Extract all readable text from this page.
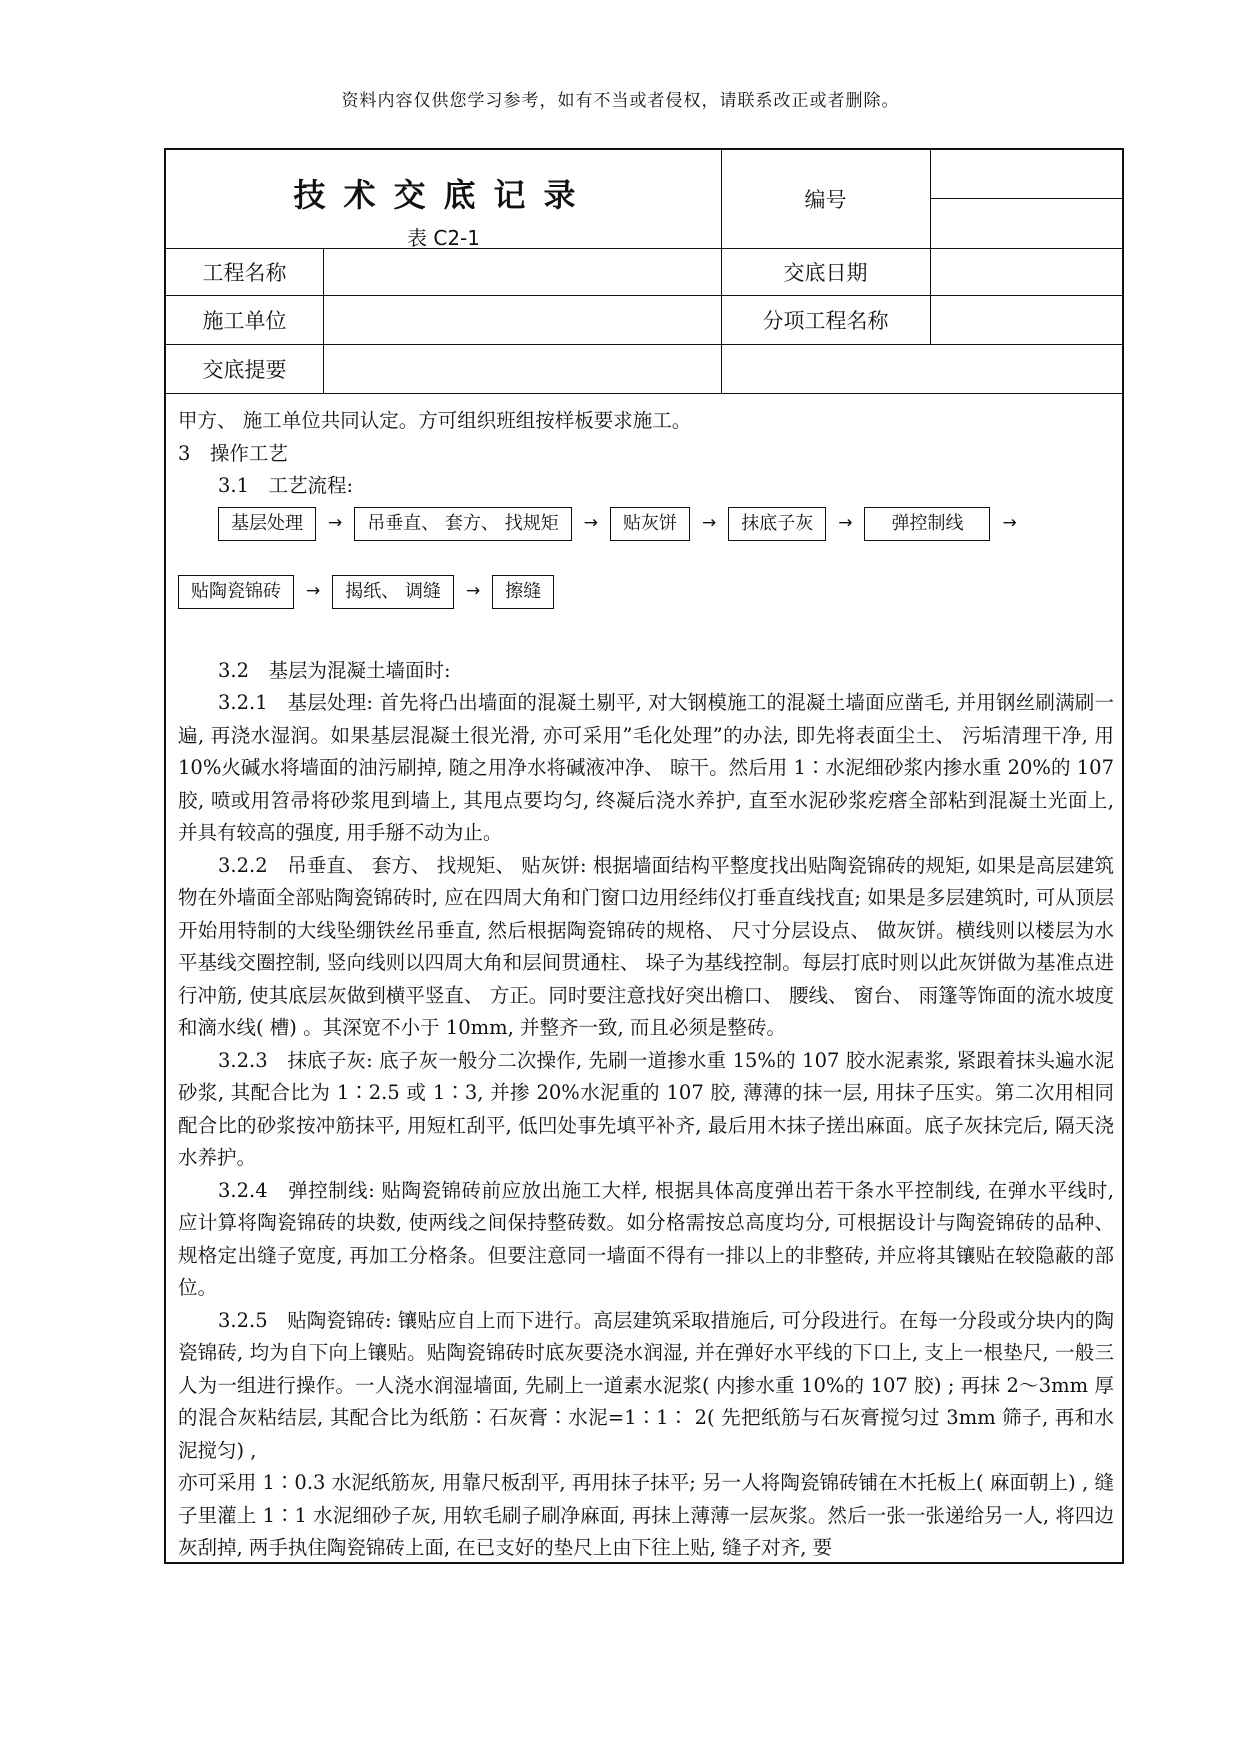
资料内容仅供您学习参考，如有不当或者侵权，请联系改正或者删除。
技术交底记录
表 C2-1
编号
工程名称	交底日期
施工单位	分项工程名称
交底提要

甲方、 施工单位共同认定。方可组织班组按样板要求施工。

3　操作工艺

3.1　工艺流程:

基层处理	→	吊垂直、 套方、 找规矩	→	贴灰饼	→	抹底子灰	→	弹控制线	→
贴陶瓷锦砖	→	揭纸、 调缝	→	擦缝

3.2　基层为混凝土墙面时:

3.2.1　基层处理: 首先将凸出墙面的混凝土剔平, 对大钢模施工的混凝土墙面应凿毛, 并用钢丝刷满刷一遍, 再浇水湿润。如果基层混凝土很光滑, 亦可采用”毛化处理”的办法, 即先将表面尘土、 污垢清理干净, 用 10%火碱水将墙面的油污刷掉, 随之用净水将碱液冲净、 晾干。然后用 1∶水泥细砂浆内掺水重 20%的 107 胶, 喷或用笤帚将砂浆甩到墙上, 其甩点要均匀, 终凝后浇水养护, 直至水泥砂浆疙瘩全部粘到混凝土光面上, 并具有较高的强度, 用手掰不动为止。

3.2.2　吊垂直、 套方、 找规矩、 贴灰饼: 根据墙面结构平整度找出贴陶瓷锦砖的规矩, 如果是高层建筑物在外墙面全部贴陶瓷锦砖时, 应在四周大角和门窗口边用经纬仪打垂直线找直; 如果是多层建筑时, 可从顶层开始用特制的大线坠绷铁丝吊垂直, 然后根据陶瓷锦砖的规格、 尺寸分层设点、 做灰饼。横线则以楼层为水平基线交圈控制, 竖向线则以四周大角和层间贯通柱、 垛子为基线控制。每层打底时则以此灰饼做为基准点进行冲筋, 使其底层灰做到横平竖直、 方正。同时要注意找好突出檐口、 腰线、 窗台、 雨篷等饰面的流水坡度和滴水线( 槽) 。其深宽不小于 10mm, 并整齐一致, 而且必须是整砖。

3.2.3　抹底子灰: 底子灰一般分二次操作, 先刷一道掺水重 15%的 107 胶水泥素浆, 紧跟着抹头遍水泥砂浆, 其配合比为 1∶2.5 或 1∶3, 并掺 20%水泥重的 107 胶, 薄薄的抹一层, 用抹子压实。第二次用相同配合比的砂浆按冲筋抹平, 用短杠刮平, 低凹处事先填平补齐, 最后用木抹子搓出麻面。底子灰抹完后, 隔天浇水养护。

3.2.4　弹控制线: 贴陶瓷锦砖前应放出施工大样, 根据具体高度弹出若干条水平控制线, 在弹水平线时, 应计算将陶瓷锦砖的块数, 使两线之间保持整砖数。如分格需按总高度均分, 可根据设计与陶瓷锦砖的品种、 规格定出缝子宽度, 再加工分格条。但要注意同一墙面不得有一排以上的非整砖, 并应将其镶贴在较隐蔽的部位。

3.2.5　贴陶瓷锦砖: 镶贴应自上而下进行。高层建筑采取措施后, 可分段进行。在每一分段或分块内的陶瓷锦砖, 均为自下向上镶贴。贴陶瓷锦砖时底灰要浇水润湿, 并在弹好水平线的下口上, 支上一根垫尺, 一般三人为一组进行操作。一人浇水润湿墙面, 先刷上一道素水泥浆( 内掺水重 10%的 107 胶) ; 再抹 2～3mm 厚的混合灰粘结层, 其配合比为纸筋∶石灰膏∶水泥=1∶1∶ 2( 先把纸筋与石灰膏搅匀过 3mm 筛子, 再和水泥搅匀) ,

亦可采用 1∶0.3 水泥纸筋灰, 用靠尺板刮平, 再用抹子抹平; 另一人将陶瓷锦砖铺在木托板上( 麻面朝上) , 缝子里灌上 1∶1 水泥细砂子灰, 用软毛刷子刷净麻面, 再抹上薄薄一层灰浆。然后一张一张递给另一人, 将四边灰刮掉, 两手执住陶瓷锦砖上面, 在已支好的垫尺上由下往上贴, 缝子对齐, 要
